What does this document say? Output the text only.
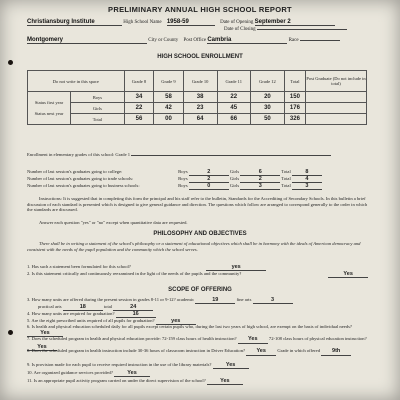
PRELIMINARY ANNUAL HIGH SCHOOL REPORT
Christiansburg Institute	High School Name 1958-59	Date of Opening September 2
Date of Closing
Montgomery	City or County Post Office Cambria	Race
HIGH SCHOOL ENROLLMENT
Do not write in this space		Grade 8	Grade 9	Grade 10	Grade 11	Grade 12	Total	Post Graduate (Do not include in total)

Status first year
Status next year	Boys	34	58	38	22	20	150	
	Girls	22	42	23	45	30	176	
	Total	56	00	64	66	50	326	
Enrollment in elementary grades of this school: Grade 1
Number of last session's graduates going to college:	Boys	2	Girls	6	Total	8
Number of last session's graduates going to trade schools:	Boys	2	Girls	2	Total	4
Number of last session's graduates going to business schools:	Boys	0	Girls	3	Total	3
Instructions: It is suggested that in completing this form the principal and his staff refer to the bulletin, Standards for the Accrediting of Secondary Schools. In this bulletin a brief discussion of each standard is presented which is designed to give general guidance and direction. The questions which follow are arranged to correspond generally to the order in which the standards are discussed.
Answer each question "yes" or "no" except when quantitative data are requested.
PHILOSOPHY AND OBJECTIVES
There shall be in writing a statement of the school's philosophy or a statement of educational objectives which shall be in harmony with the ideals of American democracy and consistent with the needs of the pupil population and the community which the school serves.
1. Has such a statement been formulated for this school?	yes
2. Is this statement critically and continuously reexamined in the light of the needs of the pupils and the community?	Yes
SCOPE OF OFFERING
3. How many units are offered during the present session in grades 8-11 or 9-12? academic	19	fine arts	3
practical arts	18	total	24
4. How many units are required for graduation?	16
5. Are the eight prescribed units required of all pupils for graduation?	yes
6. Is health and physical education scheduled daily for all pupils except certain pupils who, during the last two years of high school, are exempt on the basis of individual needs? Yes
7. Does the scheduled program in health and physical education provide: 72-159 class hours of health instruction? Yes 72-108 class hours of physical education instruction? Yes
8. Does the scheduled program in health instruction include 30-36 hours of classroom instruction in Driver Education? Yes Grade in which offered 9th
9. Is provision made for each pupil to receive required instruction in the use of the library materials?	Yes
10. Are organized guidance services provided?	Yes
11. Is an appropriate pupil activity program carried on under the direct supervision of the school?	Yes
